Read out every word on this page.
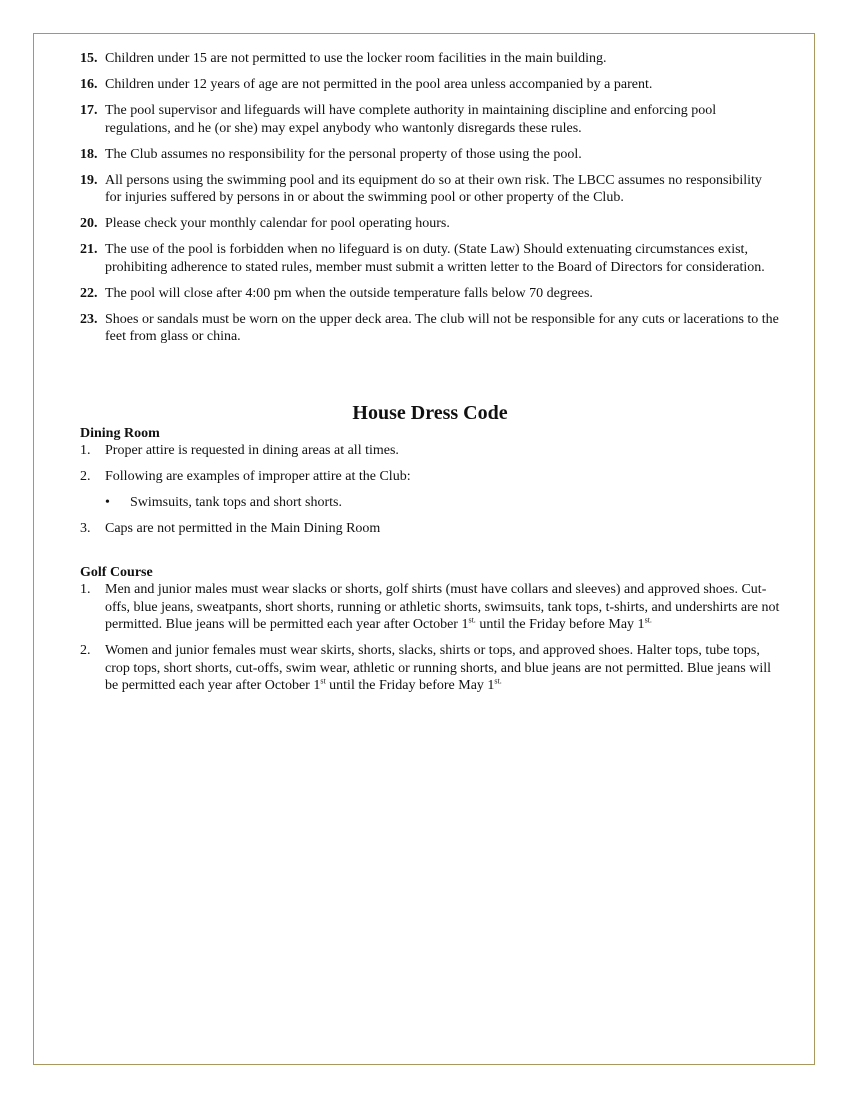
15. Children under 15 are not permitted to use the locker room facilities in the main building.
16. Children under 12 years of age are not permitted in the pool area unless accompanied by a parent.
17. The pool supervisor and lifeguards will have complete authority in maintaining discipline and enforcing pool regulations, and he (or she) may expel anybody who wantonly disregards these rules.
18. The Club assumes no responsibility for the personal property of those using the pool.
19. All persons using the swimming pool and its equipment do so at their own risk. The LBCC assumes no responsibility for injuries suffered by persons in or about the swimming pool or other property of the Club.
20. Please check your monthly calendar for pool operating hours.
21. The use of the pool is forbidden when no lifeguard is on duty. (State Law) Should extenuating circumstances exist, prohibiting adherence to stated rules, member must submit a written letter to the Board of Directors for consideration.
22. The pool will close after 4:00 pm when the outside temperature falls below 70 degrees.
23. Shoes or sandals must be worn on the upper deck area. The club will not be responsible for any cuts or lacerations to the feet from glass or china.
House Dress Code
Dining Room
1.	Proper attire is requested in dining areas at all times.
2.	Following are examples of improper attire at the Club:
•	Swimsuits, tank tops and short shorts.
3.	Caps are not permitted in the Main Dining Room
Golf Course
1.	Men and junior males must wear slacks or shorts, golf shirts (must have collars and sleeves) and approved shoes. Cut-offs, blue jeans, sweatpants, short shorts, running or athletic shorts, swimsuits, tank tops, t-shirts, and undershirts are not permitted. Blue jeans will be permitted each year after October $1^{st.}$ until the Friday before May $1^{st.}$
2.	Women and junior females must wear skirts, shorts, slacks, shirts or tops, and approved shoes. Halter tops, tube tops, crop tops, short shorts, cut-offs, swim wear, athletic or running shorts, and blue jeans are not permitted. Blue jeans will be permitted each year after October 1st until the Friday before May $1^{st.}$
